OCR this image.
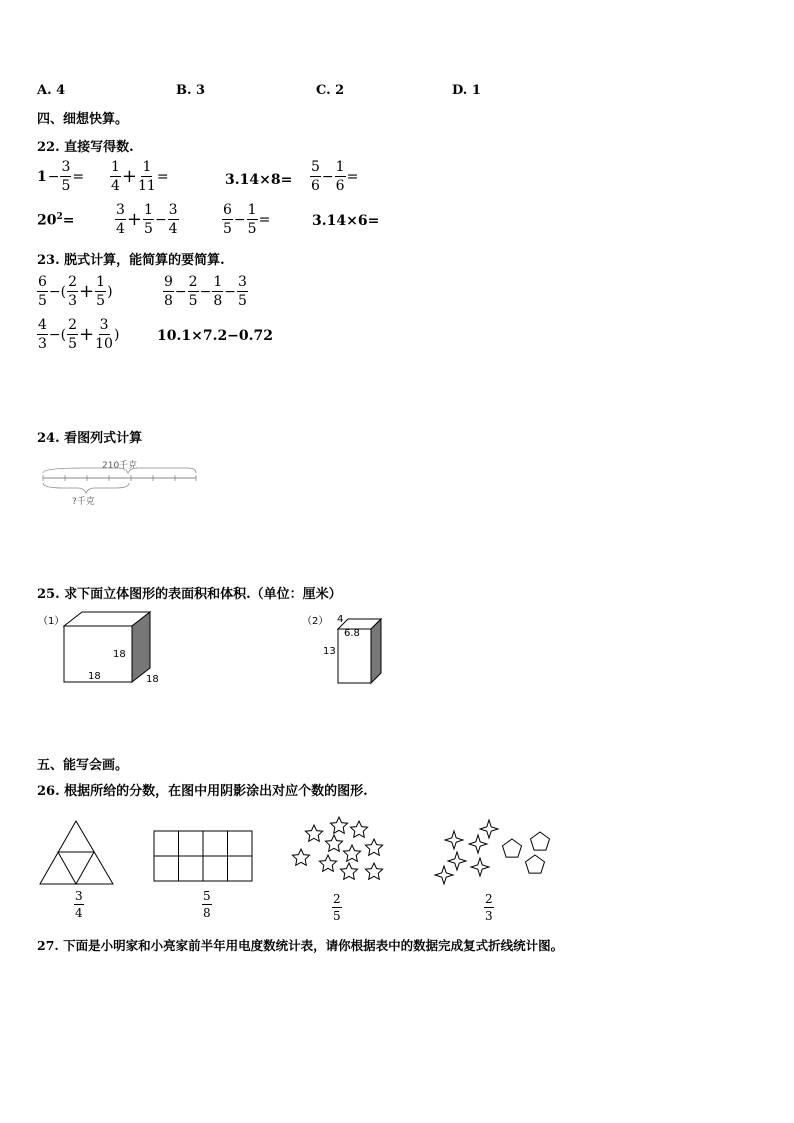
A. 4	B. 3	C. 2	D. 1
四、细想快算。
22. 直接写得数.
$1 - \frac{3}{5} = \frac{1}{4} + \frac{1}{11}$ =	$3.14\times 8= \frac{5}{6} - \frac{1}{6}$ =
$20^2=$	$\frac{3}{4} + \frac{1}{5} - \frac{3}{4}$	$\frac{6}{5} - \frac{1}{5}$ =	3.14×6=
23. 脱式计算，能简算的要简算.
$\frac{6}{5}$ −( $\frac{2}{3} + \frac{1}{5}$ )	$\frac{9}{8} - \frac{2}{5} - \frac{1}{8} - \frac{3}{5}$
$\frac{4}{3}$ −( $\frac{2}{5} + \frac{3}{10}$ )	10.1×7.2−0.72
24. 看图列式计算
210千克
?千克
25. 求下面立体图形的表面积和体积.（单位：厘米）
（1）
18
18	18
（2） 4
6.8
13
五、能写会画。
26. 根据所给的分数，在图中用阴影涂出对应个数的图形.
$\frac{3}{4}$	$\frac{5}{8}$	$\frac{2}{5}$	$\frac{2}{3}$
27. 下面是小明家和小亮家前半年用电度数统计表，请你根据表中的数据完成复式折线统计图。
